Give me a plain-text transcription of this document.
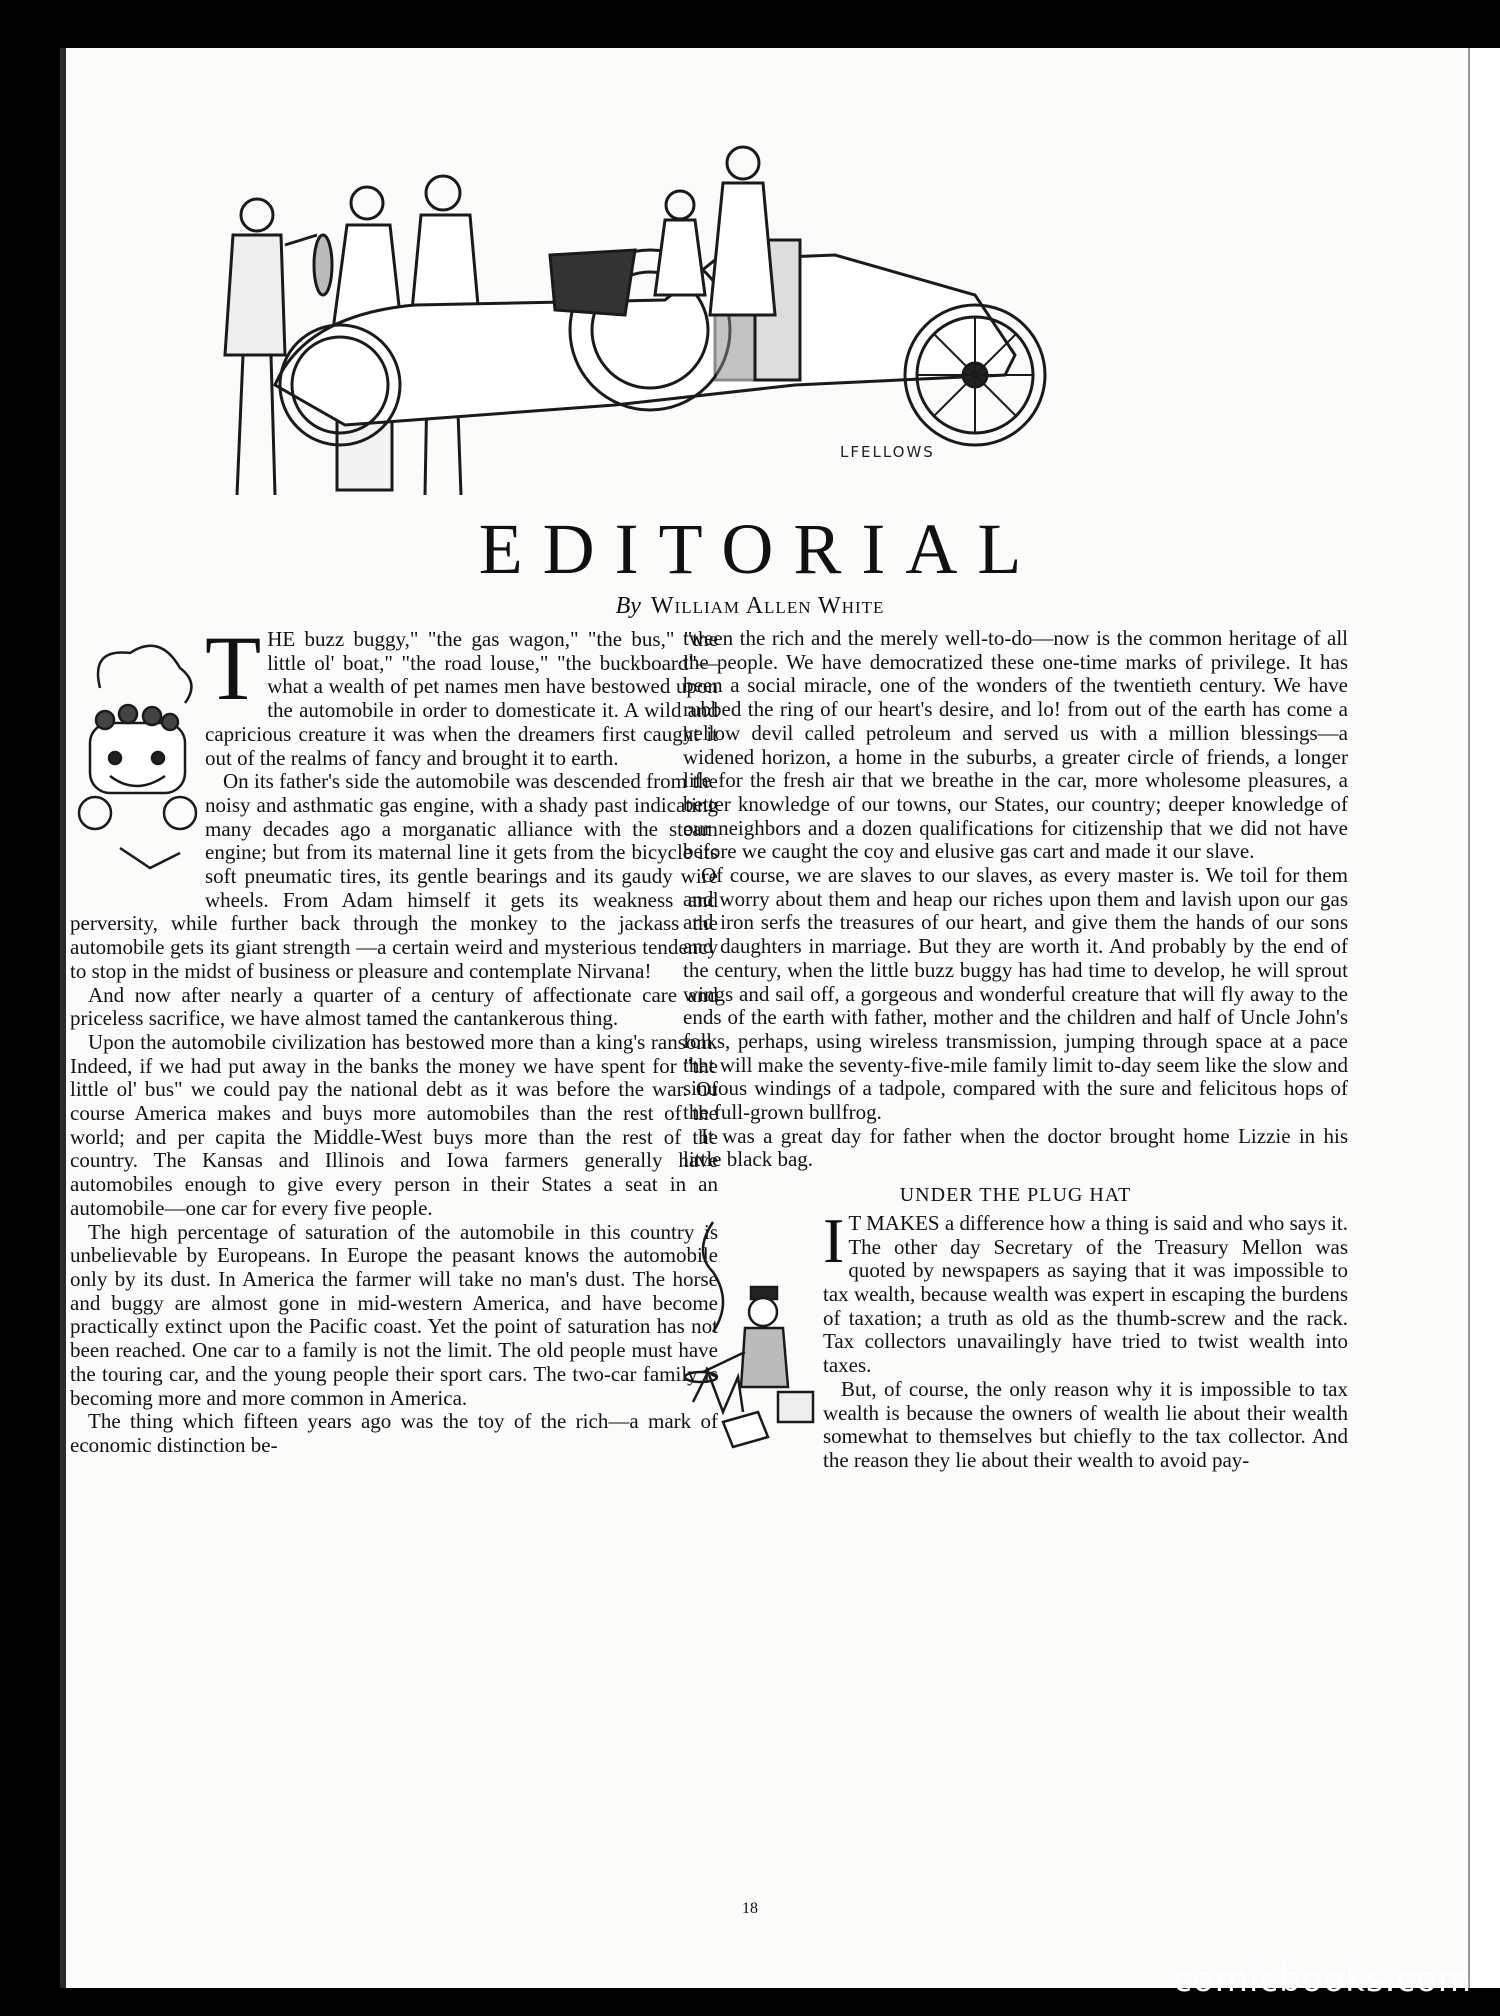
LFELLOWS
EDITORIAL
By William Allen White
T HE buzz buggy," "the gas wagon," "the bus," "the little ol' boat," "the road louse," "the buckboard"— what a wealth of pet names men have bestowed upon the automobile in order to domesticate it. A wild and capricious creature it was when the dreamers first caught it out of the realms of fancy and brought it to earth.

On its father's side the automobile was descended from the noisy and asthmatic gas engine, with a shady past indicating many decades ago a morganatic alliance with the steam engine; but from its maternal line it gets from the bicycle its soft pneumatic tires, its gentle bearings and its gaudy wire wheels. From Adam himself it gets its weakness and perversity, while further back through the monkey to the jackass the automobile gets its giant strength —a certain weird and mysterious tendency to stop in the midst of business or pleasure and contemplate Nirvana!

And now after nearly a quarter of a century of affectionate care and priceless sacrifice, we have almost tamed the cantankerous thing.

Upon the automobile civilization has bestowed more than a king's ransom. Indeed, if we had put away in the banks the money we have spent for "the little ol' bus" we could pay the national debt as it was before the war. Of course America makes and buys more automobiles than the rest of the world; and per capita the Middle-West buys more than the rest of the country. The Kansas and Illinois and Iowa farmers generally have automobiles enough to give every person in their States a seat in an automobile—one car for every five people.

The high percentage of saturation of the automobile in this country is unbelievable by Europeans. In Europe the peasant knows the automobile only by its dust. In America the farmer will take no man's dust. The horse and buggy are almost gone in mid-western America, and have become practically extinct upon the Pacific coast. Yet the point of saturation has not been reached. One car to a family is not the limit. The old people must have the touring car, and the young people their sport cars. The two-car family is becoming more and more common in America.

The thing which fifteen years ago was the toy of the rich—a mark of economic distinction be-

tween the rich and the merely well-to-do—now is the common heritage of all the people. We have democratized these one-time marks of privilege. It has been a social miracle, one of the wonders of the twentieth century. We have rubbed the ring of our heart's desire, and lo! from out of the earth has come a yellow devil called petroleum and served us with a million blessings—a widened horizon, a home in the suburbs, a greater circle of friends, a longer life for the fresh air that we breathe in the car, more wholesome pleasures, a better knowledge of our towns, our States, our country; deeper knowledge of our neighbors and a dozen qualifications for citizenship that we did not have before we caught the coy and elusive gas cart and made it our slave.

Of course, we are slaves to our slaves, as every master is. We toil for them and worry about them and heap our riches upon them and lavish upon our gas and iron serfs the treasures of our heart, and give them the hands of our sons and daughters in marriage. But they are worth it. And probably by the end of the century, when the little buzz buggy has had time to develop, he will sprout wings and sail off, a gorgeous and wonderful creature that will fly away to the ends of the earth with father, mother and the children and half of Uncle John's folks, perhaps, using wireless transmission, jumping through space at a pace that will make the seventy-five-mile family limit to-day seem like the slow and sinuous windings of a tadpole, compared with the sure and felicitous hops of the full-grown bullfrog.

It was a great day for father when the doctor brought home Lizzie in his little black bag.

UNDER THE PLUG HAT
I T MAKES a difference how a thing is said and who says it. The other day Secretary of the Treasury Mellon was quoted by newspapers as saying that it was impossible to tax wealth, because wealth was expert in escaping the burdens of taxation; a truth as old as the thumb-screw and the rack. Tax collectors unavailingly have tried to twist wealth into taxes.

But, of course, the only reason why it is impossible to tax wealth is because the owners of wealth lie about their wealth somewhat to themselves but chiefly to the tax collector. And the reason they lie about their wealth to avoid pay-

18
comicbooks.com
